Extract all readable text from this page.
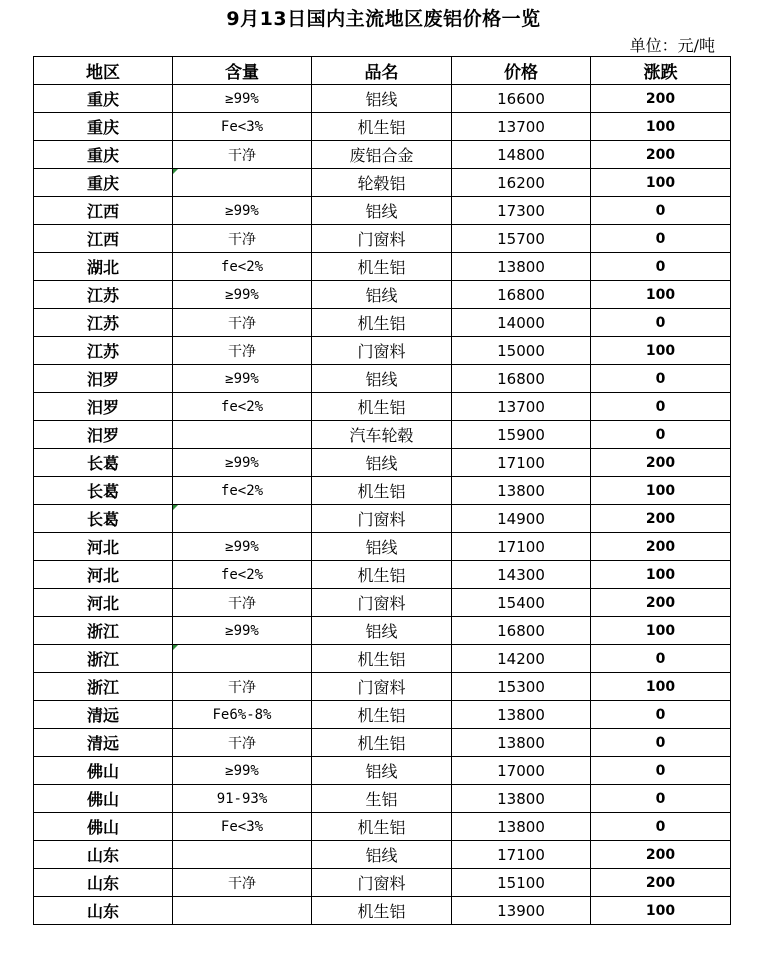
9月13日国内主流地区废铝价格一览
单位：元/吨
地区	含量	品名	价格	涨跌
重庆	≥99%	铝线	16600	200
重庆	Fe<3%	机生铝	13700	100
重庆	干净	废铝合金	14800	200
重庆		轮毂铝	16200	100
江西	≥99%	铝线	17300	0
江西	干净	门窗料	15700	0
湖北	fe<2%	机生铝	13800	0
江苏	≥99%	铝线	16800	100
江苏	干净	机生铝	14000	0
江苏	干净	门窗料	15000	100
汨罗	≥99%	铝线	16800	0
汨罗	fe<2%	机生铝	13700	0
汨罗		汽车轮毂	15900	0
长葛	≥99%	铝线	17100	200
长葛	fe<2%	机生铝	13800	100
长葛		门窗料	14900	200
河北	≥99%	铝线	17100	200
河北	fe<2%	机生铝	14300	100
河北	干净	门窗料	15400	200
浙江	≥99%	铝线	16800	100
浙江		机生铝	14200	0
浙江	干净	门窗料	15300	100
清远	Fe6%-8%	机生铝	13800	0
清远	干净	机生铝	13800	0
佛山	≥99%	铝线	17000	0
佛山	91-93%	生铝	13800	0
佛山	Fe<3%	机生铝	13800	0
山东		铝线	17100	200
山东	干净	门窗料	15100	200
山东		机生铝	13900	100
